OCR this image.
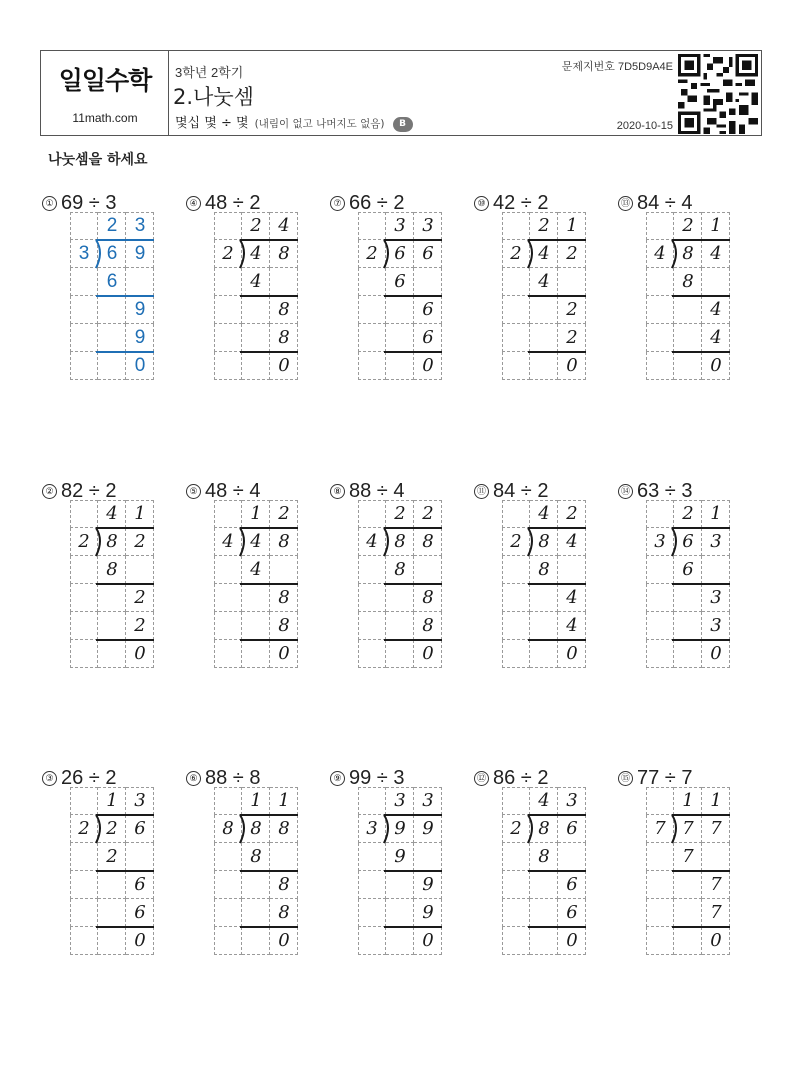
일일수학
11math.com
3학년 2학기
2.나눗셈
몇십 몇 ÷ 몇 (내림이 없고 나머지도 없음) B
문제지번호 7D5D9A4E
2020-10-15
나눗셈을 하세요
① 69 ÷ 3
2 3
3 6 9
6
9
9
0
② 82 ÷ 2
4 1
2 8 2
8
2
2
0
③ 26 ÷ 2
1 3
2 2 6
2
6
6
0
④ 48 ÷ 2
2 4
2 4 8
4
8
8
0
⑤ 48 ÷ 4
1 2
4 4 8
4
8
8
0
⑥ 88 ÷ 8
1 1
8 8 8
8
8
8
0
⑦ 66 ÷ 2
3 3
2 6 6
6
6
6
0
⑧ 88 ÷ 4
2 2
4 8 8
8
8
8
0
⑨ 99 ÷ 3
3 3
3 9 9
9
9
9
0
⑩ 42 ÷ 2
2 1
2 4 2
4
2
2
0
⑪ 84 ÷ 2
4 2
2 8 4
8
4
4
0
⑫ 86 ÷ 2
4 3
2 8 6
8
6
6
0
⑬ 84 ÷ 4
2 1
4 8 4
8
4
4
0
⑭ 63 ÷ 3
2 1
3 6 3
6
3
3
0
⑮ 77 ÷ 7
1 1
7 7 7
7
7
7
0
